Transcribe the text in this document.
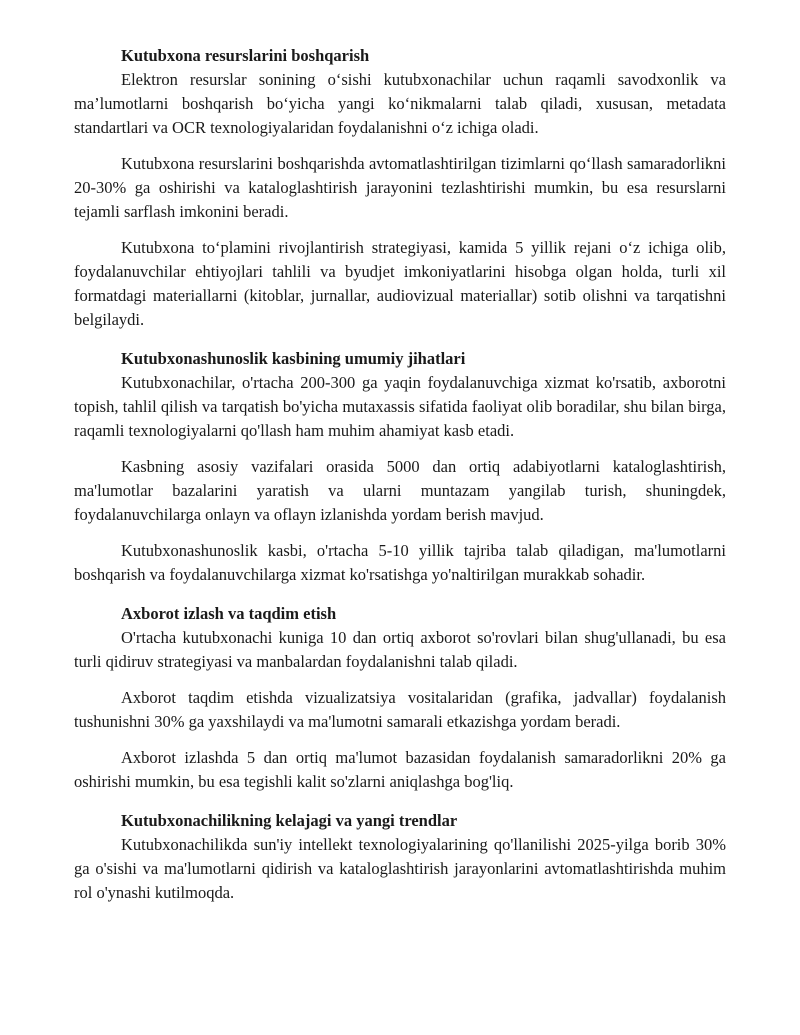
Kutubxona resurslarini boshqarish

Elektron resurslar sonining o‘sishi kutubxonachilar uchun raqamli savodxonlik va ma’lumotlarni boshqarish bo‘yicha yangi ko‘nikmalarni talab qiladi, xususan, metadata standartlari va OCR texnologiyalaridan foydalanishni o‘z ichiga oladi.

Kutubxona resurslarini boshqarishda avtomatlashtirilgan tizimlarni qo‘llash samaradorlikni 20-30% ga oshirishi va kataloglashtirish jarayonini tezlashtirishi mumkin, bu esa resurslarni tejamli sarflash imkonini beradi.

Kutubxona to‘plamini rivojlantirish strategiyasi, kamida 5 yillik rejani o‘z ichiga olib, foydalanuvchilar ehtiyojlari tahlili va byudjet imkoniyatlarini hisobga olgan holda, turli xil formatdagi materiallarni (kitoblar, jurnallar, audiovizual materiallar) sotib olishni va tarqatishni belgilaydi.

Kutubxonashunoslik kasbining umumiy jihatlari

Kutubxonachilar, o'rtacha 200-300 ga yaqin foydalanuvchiga xizmat ko'rsatib, axborotni topish, tahlil qilish va tarqatish bo'yicha mutaxassis sifatida faoliyat olib boradilar, shu bilan birga, raqamli texnologiyalarni qo'llash ham muhim ahamiyat kasb etadi.

Kasbning asosiy vazifalari orasida 5000 dan ortiq adabiyotlarni kataloglashtirish, ma'lumotlar bazalarini yaratish va ularni muntazam yangilab turish, shuningdek, foydalanuvchilarga onlayn va oflayn izlanishda yordam berish mavjud.

Kutubxonashunoslik kasbi, o'rtacha 5-10 yillik tajriba talab qiladigan, ma'lumotlarni boshqarish va foydalanuvchilarga xizmat ko'rsatishga yo'naltirilgan murakkab sohadir.

Axborot izlash va taqdim etish

O'rtacha kutubxonachi kuniga 10 dan ortiq axborot so'rovlari bilan shug'ullanadi, bu esa turli qidiruv strategiyasi va manbalardan foydalanishni talab qiladi.

Axborot taqdim etishda vizualizatsiya vositalaridan (grafika, jadvallar) foydalanish tushunishni 30% ga yaxshilaydi va ma'lumotni samarali etkazishga yordam beradi.

Axborot izlashda 5 dan ortiq ma'lumot bazasidan foydalanish samaradorlikni 20% ga oshirishi mumkin, bu esa tegishli kalit so'zlarni aniqlashga bog'liq.

Kutubxonachilikning kelajagi va yangi trendlar

Kutubxonachilikda sun'iy intellekt texnologiyalarining qo'llanilishi 2025-yilga borib 30% ga o'sishi va ma'lumotlarni qidirish va kataloglashtirish jarayonlarini avtomatlashtirishda muhim rol o'ynashi kutilmoqda.
